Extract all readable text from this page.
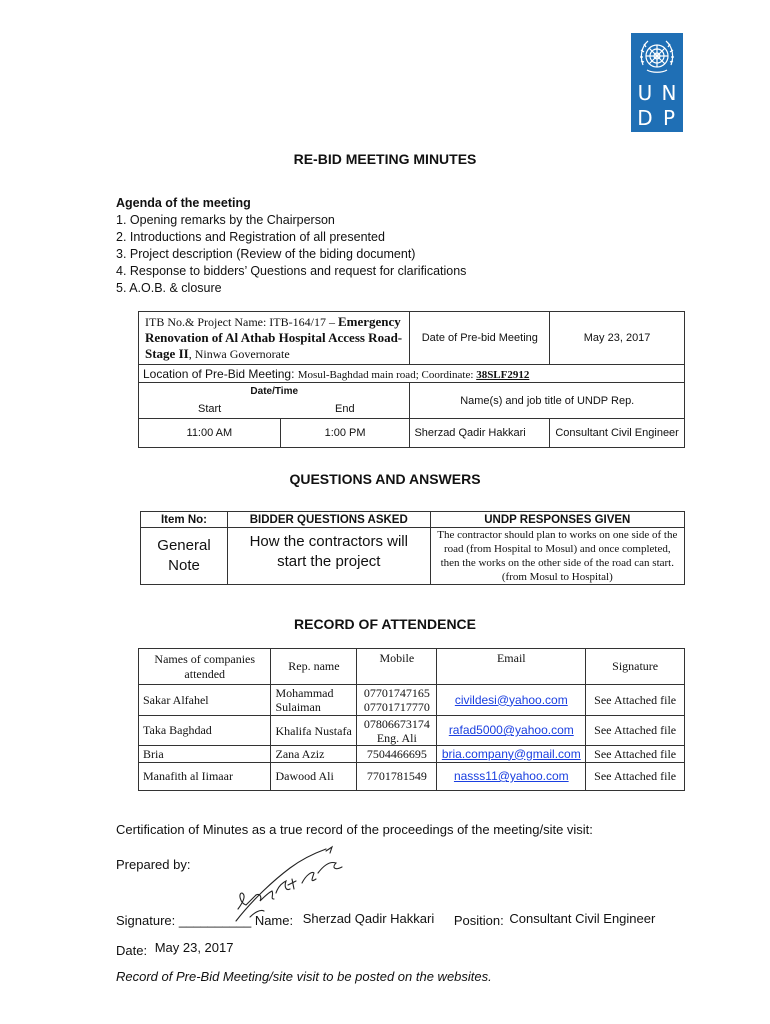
U N
D P
RE-BID MEETING MINUTES
Agenda of the meeting
1. Opening remarks by the Chairperson
2. Introductions and Registration of all presented
3. Project description (Review of the biding document)
4. Response to bidders’ Questions and request for clarifications
5. A.O.B. & closure
ITB No.& Project Name: ITB-164/17 – Emergency Renovation of Al Athab Hospital Access Road-Stage II, Ninwa Governorate		Date of Pre-bid Meeting	May 23, 2017
Location of Pre-Bid Meeting: Mosul-Baghdad main road; Coordinate: 38SLF2912			
Date/Time		Name(s) and job title of UNDP Rep.	
Start	End		
11:00 AM	1:00 PM	Sherzad Qadir Hakkari	Consultant Civil Engineer
QUESTIONS AND ANSWERS
Item No:	BIDDER QUESTIONS ASKED	UNDP RESPONSES GIVEN
General Note	How the contractors will start the project	The contractor should plan to works on one side of the road (from Hospital to Mosul) and once completed, then the works on the other side of the road can start. (from Mosul to Hospital)
RECORD OF ATTENDENCE
Names of companies attended	Rep. name	Mobile	Email	Signature
Sakar Alfahel	Mohammad Sulaiman	07701747165 07701717770	civildesi@yahoo.com	See Attached file
Taka Baghdad	Khalifa Nustafa	07806673174 Eng. Ali	rafad5000@yahoo.com	See Attached file
Bria	Zana Aziz	7504466695	bria.company@gmail.com	See Attached file
Manafith al Iimaar	Dawood Ali	7701781549	nasss11@yahoo.com	See Attached file
Certification of Minutes as a true record of the proceedings of the meeting/site visit:
Prepared by:
Signature: __________ Name: Sherzad Qadir Hakkari Position: Consultant Civil Engineer
Date: May 23, 2017
Record of Pre-Bid Meeting/site visit to be posted on the websites.
